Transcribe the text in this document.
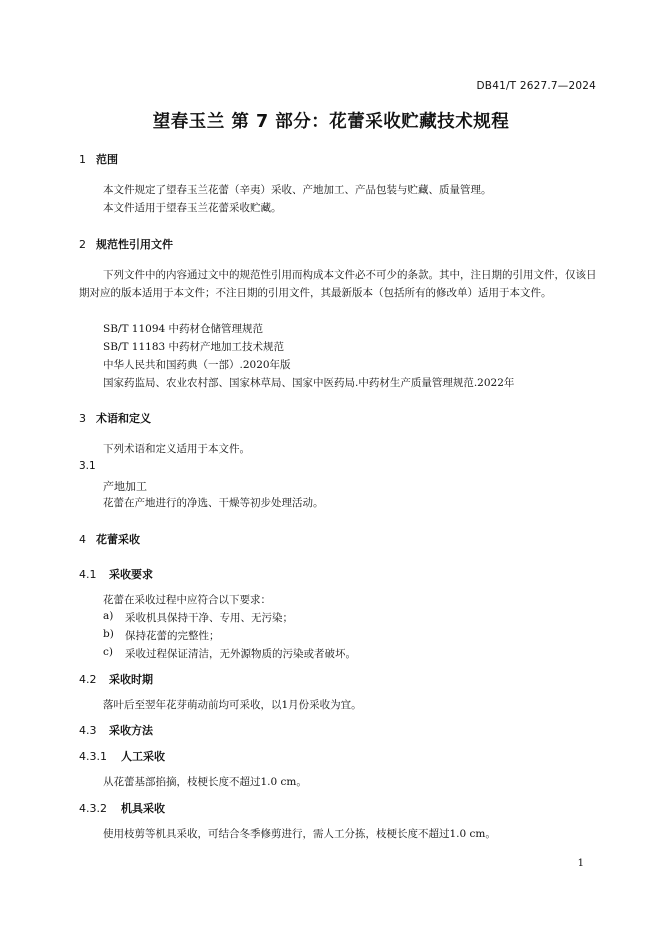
DB41/T 2627.7—2024
望春玉兰 第 7 部分：花蕾采收贮藏技术规程
1 范围
本文件规定了望春玉兰花蕾（辛夷）采收、产地加工、产品包装与贮藏、质量管理。
本文件适用于望春玉兰花蕾采收贮藏。
2 规范性引用文件
下列文件中的内容通过文中的规范性引用而构成本文件必不可少的条款。其中，注日期的引用文件，仅该日期对应的版本适用于本文件；不注日期的引用文件，其最新版本（包括所有的修改单）适用于本文件。
SB/T 11094 中药材仓储管理规范
SB/T 11183 中药材产地加工技术规范
中华人民共和国药典（一部）.2020年版
国家药监局、农业农村部、国家林草局、国家中医药局.中药材生产质量管理规范.2022年
3 术语和定义
下列术语和定义适用于本文件。
3.1
产地加工
花蕾在产地进行的净选、干燥等初步处理活动。
4 花蕾采收
4.1 采收要求
花蕾在采收过程中应符合以下要求：
a) 采收机具保持干净、专用、无污染；
b) 保持花蕾的完整性；
c) 采收过程保证清洁，无外源物质的污染或者破坏。
4.2 采收时期
落叶后至翌年花芽萌动前均可采收，以1月份采收为宜。
4.3 采收方法
4.3.1 人工采收
从花蕾基部掐摘，枝梗长度不超过1.0 cm。
4.3.2 机具采收
使用枝剪等机具采收，可结合冬季修剪进行，需人工分拣，枝梗长度不超过1.0 cm。
1
